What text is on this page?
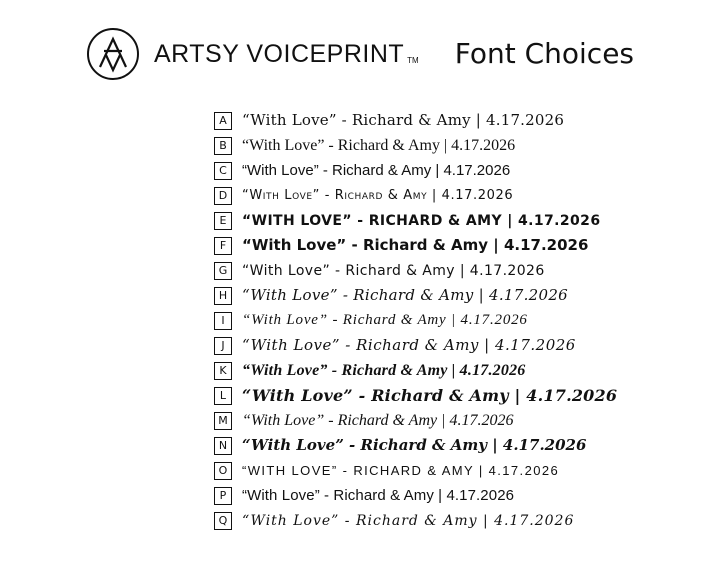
ARTSY VOICEPRINT TM Font Choices
A	“With Love” - Richard & Amy | 4.17.2026
B “With Love” - Richard & Amy | 4.17.2026
C	“With Love” - Richard & Amy | 4.17.2026
D	“With Love” - Richard & Amy | 4.17.2026
E	“WITH LOVE” - RICHARD & AMY | 4.17.2026
F	“With Love” - Richard & Amy | 4.17.2026
G	“With Love” - Richard & Amy | 4.17.2026
H “With Love” - Richard & Amy | 4.17.2026
I	“With Love” - Richard & Amy | 4.17.2026
J	“With Love” - Richard & Amy | 4.17.2026
K “With Love” - Richard & Amy | 4.17.2026
L “With Love” - Richard & Amy | 4.17.2026
M “With Love” - Richard & Amy | 4.17.2026
N “With Love” - Richard & Amy | 4.17.2026
O	“WITH LOVE” - RICHARD & AMY | 4.17.2026
P	“With Love” - Richard & Amy | 4.17.2026
Q	“With Love” - Richard & Amy | 4.17.2026
